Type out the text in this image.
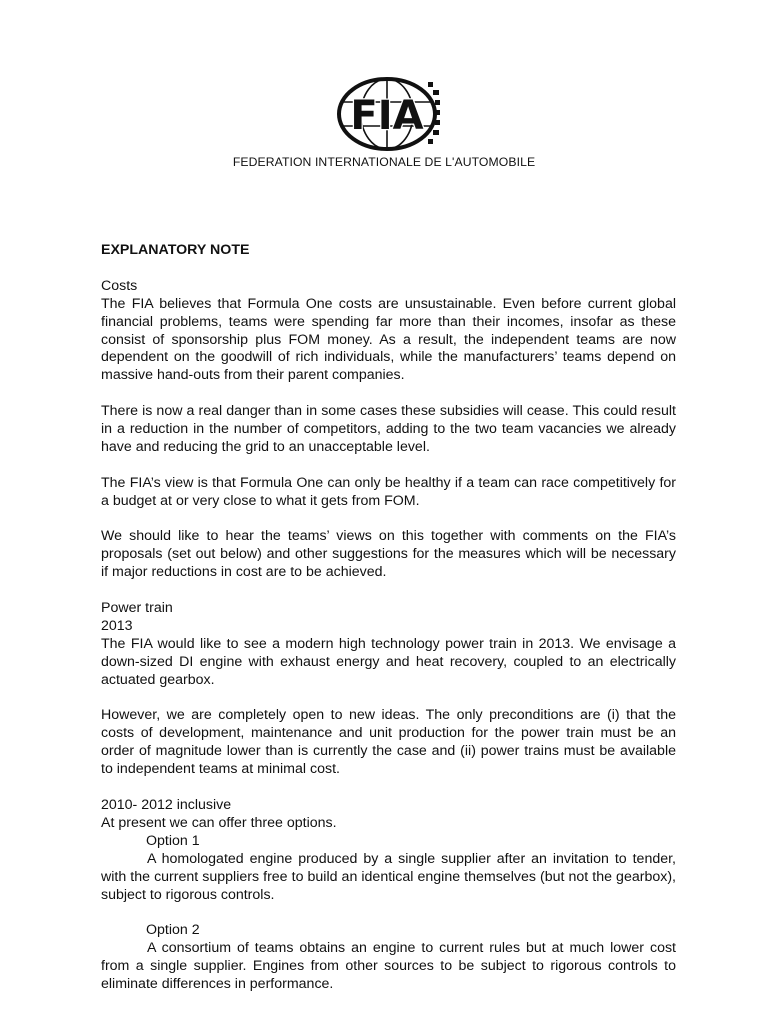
FIA
FEDERATION INTERNATIONALE DE L'AUTOMOBILE

EXPLANATORY NOTE

Costs

The FIA believes that Formula One costs are unsustainable. Even before current global financial problems, teams were spending far more than their incomes, insofar as these consist of sponsorship plus FOM money. As a result, the independent teams are now dependent on the goodwill of rich individuals, while the manufacturers’ teams depend on massive hand-outs from their parent companies.

There is now a real danger than in some cases these subsidies will cease. This could result in a reduction in the number of competitors, adding to the two team vacancies we already have and reducing the grid to an unacceptable level.

The FIA’s view is that Formula One can only be healthy if a team can race competitively for a budget at or very close to what it gets from FOM.

We should like to hear the teams’ views on this together with comments on the FIA’s proposals (set out below) and other suggestions for the measures which will be necessary if major reductions in cost are to be achieved.

Power train

2013

The FIA would like to see a modern high technology power train in 2013. We envisage a down-sized DI engine with exhaust energy and heat recovery, coupled to an electrically actuated gearbox.

However, we are completely open to new ideas. The only preconditions are (i) that the costs of development, maintenance and unit production for the power train must be an order of magnitude lower than is currently the case and (ii) power trains must be available to independent teams at minimal cost.

2010- 2012 inclusive

At present we can offer three options.

Option 1

A homologated engine produced by a single supplier after an invitation to tender, with the current suppliers free to build an identical engine themselves (but not the gearbox), subject to rigorous controls.

Option 2

A consortium of teams obtains an engine to current rules but at much lower cost from a single supplier. Engines from other sources to be subject to rigorous controls to eliminate differences in performance.
